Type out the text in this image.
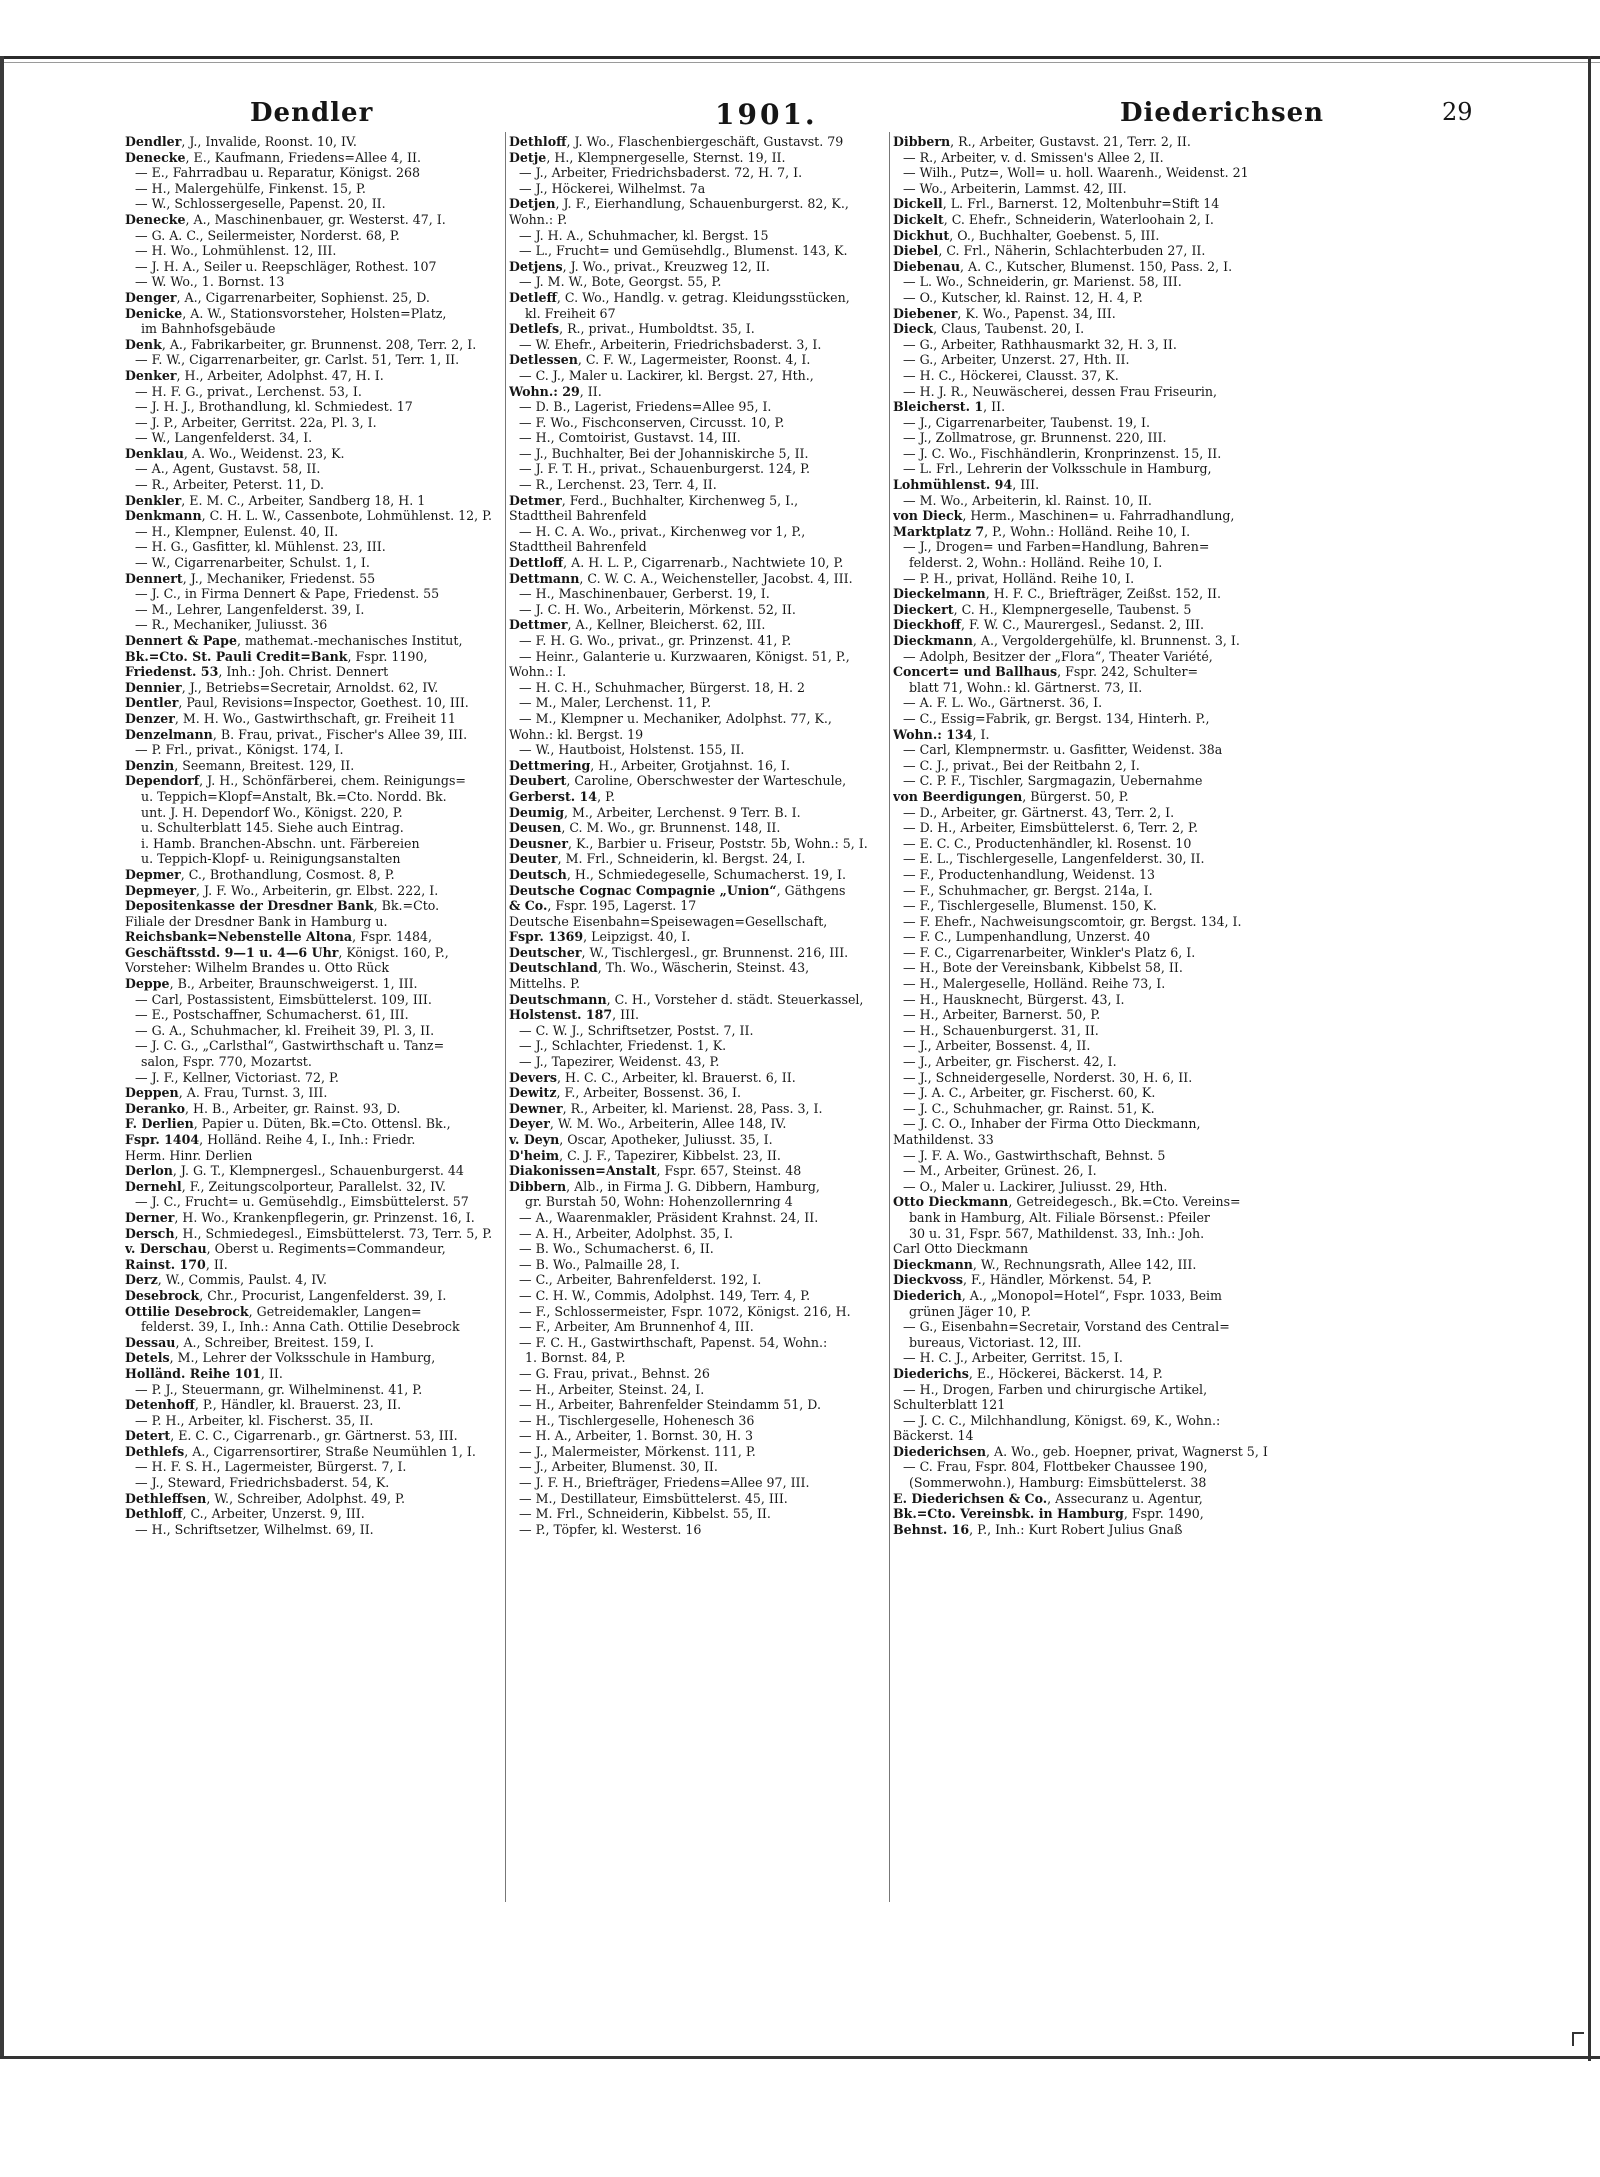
Dendler	1901.	Diederichsen	29

Dendler, J., Invalide, Roonst. 10, IV.

Denecke, E., Kaufmann, Friedens=Allee 4, II.

— E., Fahrradbau u. Reparatur, Königst. 268

— H., Malergehülfe, Finkenst. 15, P.

— W., Schlossergeselle, Papenst. 20, II.

Denecke, A., Maschinenbauer, gr. Westerst. 47, I.

— G. A. C., Seilermeister, Norderst. 68, P.

— H. Wo., Lohmühlenst. 12, III.

— J. H. A., Seiler u. Reepschläger, Rothest. 107

— W. Wo., 1. Bornst. 13

Denger, A., Cigarrenarbeiter, Sophienst. 25, D.

Denicke, A. W., Stationsvorsteher, Holsten=Platz,

im Bahnhofsgebäude

Denk, A., Fabrikarbeiter, gr. Brunnenst. 208, Terr. 2, I.

— F. W., Cigarrenarbeiter, gr. Carlst. 51, Terr. 1, II.

Denker, H., Arbeiter, Adolphst. 47, H. I.

— H. F. G., privat., Lerchenst. 53, I.

— J. H. J., Brothandlung, kl. Schmiedest. 17

— J. P., Arbeiter, Gerritst. 22a, Pl. 3, I.

— W., Langenfelderst. 34, I.

Denklau, A. Wo., Weidenst. 23, K.

— A., Agent, Gustavst. 58, II.

— R., Arbeiter, Peterst. 11, D.

Denkler, E. M. C., Arbeiter, Sandberg 18, H. 1

Denkmann, C. H. L. W., Cassenbote, Lohmühlenst. 12, P.

— H., Klempner, Eulenst. 40, II.

— H. G., Gasfitter, kl. Mühlenst. 23, III.

— W., Cigarrenarbeiter, Schulst. 1, I.

Dennert, J., Mechaniker, Friedenst. 55

— J. C., in Firma Dennert & Pape, Friedenst. 55

— M., Lehrer, Langenfelderst. 39, I.

— R., Mechaniker, Juliusst. 36

Dennert & Pape, mathemat.-mechanisches Institut,

Bk.=Cto. St. Pauli Credit=Bank, Fspr. 1190,

Friedenst. 53, Inh.: Joh. Christ. Dennert

Dennier, J., Betriebs=Secretair, Arnoldst. 62, IV.

Dentler, Paul, Revisions=Inspector, Goethest. 10, III.

Denzer, M. H. Wo., Gastwirthschaft, gr. Freiheit 11

Denzelmann, B. Frau, privat., Fischer's Allee 39, III.

— P. Frl., privat., Königst. 174, I.

Denzin, Seemann, Breitest. 129, II.

Dependorf, J. H., Schönfärberei, chem. Reinigungs=

u. Teppich=Klopf=Anstalt, Bk.=Cto. Nordd. Bk.

unt. J. H. Dependorf Wo., Königst. 220, P.

u. Schulterblatt 145. Siehe auch Eintrag.

i. Hamb. Branchen-Abschn. unt. Färbereien

u. Teppich-Klopf- u. Reinigungsanstalten

Depmer, C., Brothandlung, Cosmost. 8, P.

Depmeyer, J. F. Wo., Arbeiterin, gr. Elbst. 222, I.

Depositenkasse der Dresdner Bank, Bk.=Cto.

Filiale der Dresdner Bank in Hamburg u.

Reichsbank=Nebenstelle Altona, Fspr. 1484,

Geschäftsstd. 9—1 u. 4—6 Uhr, Königst. 160, P.,

Vorsteher: Wilhelm Brandes u. Otto Rück

Deppe, B., Arbeiter, Braunschweigerst. 1, III.

— Carl, Postassistent, Eimsbüttelerst. 109, III.

— E., Postschaffner, Schumacherst. 61, III.

— G. A., Schuhmacher, kl. Freiheit 39, Pl. 3, II.

— J. C. G., „Carlsthal“, Gastwirthschaft u. Tanz=

salon, Fspr. 770, Mozartst.

— J. F., Kellner, Victoriast. 72, P.

Deppen, A. Frau, Turnst. 3, III.

Deranko, H. B., Arbeiter, gr. Rainst. 93, D.

F. Derlien, Papier u. Düten, Bk.=Cto. Ottensl. Bk.,

Fspr. 1404, Holländ. Reihe 4, I., Inh.: Friedr.

Herm. Hinr. Derlien

Derlon, J. G. T., Klempnergesl., Schauenburgerst. 44

Dernehl, F., Zeitungscolporteur, Parallelst. 32, IV.

— J. C., Frucht= u. Gemüsehdlg., Eimsbüttelerst. 57

Derner, H. Wo., Krankenpflegerin, gr. Prinzenst. 16, I.

Dersch, H., Schmiedegesl., Eimsbüttelerst. 73, Terr. 5, P.

v. Derschau, Oberst u. Regiments=Commandeur,

Rainst. 170, II.

Derz, W., Commis, Paulst. 4, IV.

Desebrock, Chr., Procurist, Langenfelderst. 39, I.

Ottilie Desebrock, Getreidemakler, Langen=

felderst. 39, I., Inh.: Anna Cath. Ottilie Desebrock

Dessau, A., Schreiber, Breitest. 159, I.

Detels, M., Lehrer der Volksschule in Hamburg,

Holländ. Reihe 101, II.

— P. J., Steuermann, gr. Wilhelminenst. 41, P.

Detenhoff, P., Händler, kl. Brauerst. 23, II.

— P. H., Arbeiter, kl. Fischerst. 35, II.

Detert, E. C. C., Cigarrenarb., gr. Gärtnerst. 53, III.

Dethlefs, A., Cigarrensortirer, Straße Neumühlen 1, I.

— H. F. S. H., Lagermeister, Bürgerst. 7, I.

— J., Steward, Friedrichsbaderst. 54, K.

Dethleffsen, W., Schreiber, Adolphst. 49, P.

Dethloff, C., Arbeiter, Unzerst. 9, III.

— H., Schriftsetzer, Wilhelmst. 69, II.

Dethloff, J. Wo., Flaschenbiergeschäft, Gustavst. 79

Detje, H., Klempnergeselle, Sternst. 19, II.

— J., Arbeiter, Friedrichsbaderst. 72, H. 7, I.

— J., Höckerei, Wilhelmst. 7a

Detjen, J. F., Eierhandlung, Schauenburgerst. 82, K.,

Wohn.: P.

— J. H. A., Schuhmacher, kl. Bergst. 15

— L., Frucht= und Gemüsehdlg., Blumenst. 143, K.

Detjens, J. Wo., privat., Kreuzweg 12, II.

— J. M. W., Bote, Georgst. 55, P.

Detleff, C. Wo., Handlg. v. getrag. Kleidungsstücken,

kl. Freiheit 67

Detlefs, R., privat., Humboldtst. 35, I.

— W. Ehefr., Arbeiterin, Friedrichsbaderst. 3, I.

Detlessen, C. F. W., Lagermeister, Roonst. 4, I.

— C. J., Maler u. Lackirer, kl. Bergst. 27, Hth.,

Wohn.: 29, II.

— D. B., Lagerist, Friedens=Allee 95, I.

— F. Wo., Fischconserven, Circusst. 10, P.

— H., Comtoirist, Gustavst. 14, III.

— J., Buchhalter, Bei der Johanniskirche 5, II.

— J. F. T. H., privat., Schauenburgerst. 124, P.

— R., Lerchenst. 23, Terr. 4, II.

Detmer, Ferd., Buchhalter, Kirchenweg 5, I.,

Stadttheil Bahrenfeld

— H. C. A. Wo., privat., Kirchenweg vor 1, P.,

Stadttheil Bahrenfeld

Dettloff, A. H. L. P., Cigarrenarb., Nachtwiete 10, P.

Dettmann, C. W. C. A., Weichensteller, Jacobst. 4, III.

— H., Maschinenbauer, Gerberst. 19, I.

— J. C. H. Wo., Arbeiterin, Mörkenst. 52, II.

Dettmer, A., Kellner, Bleicherst. 62, III.

— F. H. G. Wo., privat., gr. Prinzenst. 41, P.

— Heinr., Galanterie u. Kurzwaaren, Königst. 51, P.,

Wohn.: I.

— H. C. H., Schuhmacher, Bürgerst. 18, H. 2

— M., Maler, Lerchenst. 11, P.

— M., Klempner u. Mechaniker, Adolphst. 77, K.,

Wohn.: kl. Bergst. 19

— W., Hautboist, Holstenst. 155, II.

Dettmering, H., Arbeiter, Grotjahnst. 16, I.

Deubert, Caroline, Oberschwester der Warteschule,

Gerberst. 14, P.

Deumig, M., Arbeiter, Lerchenst. 9 Terr. B. I.

Deusen, C. M. Wo., gr. Brunnenst. 148, II.

Deusner, K., Barbier u. Friseur, Poststr. 5b, Wohn.: 5, I.

Deuter, M. Frl., Schneiderin, kl. Bergst. 24, I.

Deutsch, H., Schmiedegeselle, Schumacherst. 19, I.

Deutsche Cognac Compagnie „Union“, Gäthgens

& Co., Fspr. 195, Lagerst. 17

Deutsche Eisenbahn=Speisewagen=Gesellschaft,

Fspr. 1369, Leipzigst. 40, I.

Deutscher, W., Tischlergesl., gr. Brunnenst. 216, III.

Deutschland, Th. Wo., Wäscherin, Steinst. 43,

Mittelhs. P.

Deutschmann, C. H., Vorsteher d. städt. Steuerkassel,

Holstenst. 187, III.

— C. W. J., Schriftsetzer, Postst. 7, II.

— J., Schlachter, Friedenst. 1, K.

— J., Tapezirer, Weidenst. 43, P.

Devers, H. C. C., Arbeiter, kl. Brauerst. 6, II.

Dewitz, F., Arbeiter, Bossenst. 36, I.

Dewner, R., Arbeiter, kl. Marienst. 28, Pass. 3, I.

Deyer, W. M. Wo., Arbeiterin, Allee 148, IV.

v. Deyn, Oscar, Apotheker, Juliusst. 35, I.

D'heim, C. J. F., Tapezirer, Kibbelst. 23, II.

Diakonissen=Anstalt, Fspr. 657, Steinst. 48

Dibbern, Alb., in Firma J. G. Dibbern, Hamburg,

gr. Burstah 50, Wohn: Hohenzollernring 4

— A., Waarenmakler, Präsident Krahnst. 24, II.

— A. H., Arbeiter, Adolphst. 35, I.

— B. Wo., Schumacherst. 6, II.

— B. Wo., Palmaille 28, I.

— C., Arbeiter, Bahrenfelderst. 192, I.

— C. H. W., Commis, Adolphst. 149, Terr. 4, P.

— F., Schlossermeister, Fspr. 1072, Königst. 216, H.

— F., Arbeiter, Am Brunnenhof 4, III.

— F. C. H., Gastwirthschaft, Papenst. 54, Wohn.:

1. Bornst. 84, P.

— G. Frau, privat., Behnst. 26

— H., Arbeiter, Steinst. 24, I.

— H., Arbeiter, Bahrenfelder Steindamm 51, D.

— H., Tischlergeselle, Hohenesch 36

— H. A., Arbeiter, 1. Bornst. 30, H. 3

— J., Malermeister, Mörkenst. 111, P.

— J., Arbeiter, Blumenst. 30, II.

— J. F. H., Briefträger, Friedens=Allee 97, III.

— M., Destillateur, Eimsbüttelerst. 45, III.

— M. Frl., Schneiderin, Kibbelst. 55, II.

— P., Töpfer, kl. Westerst. 16

Dibbern, R., Arbeiter, Gustavst. 21, Terr. 2, II.

— R., Arbeiter, v. d. Smissen's Allee 2, II.

— Wilh., Putz=, Woll= u. holl. Waarenh., Weidenst. 21

— Wo., Arbeiterin, Lammst. 42, III.

Dickell, L. Frl., Barnerst. 12, Moltenbuhr=Stift 14

Dickelt, C. Ehefr., Schneiderin, Waterloohain 2, I.

Dickhut, O., Buchhalter, Goebenst. 5, III.

Diebel, C. Frl., Näherin, Schlachterbuden 27, II.

Diebenau, A. C., Kutscher, Blumenst. 150, Pass. 2, I.

— L. Wo., Schneiderin, gr. Marienst. 58, III.

— O., Kutscher, kl. Rainst. 12, H. 4, P.

Diebener, K. Wo., Papenst. 34, III.

Dieck, Claus, Taubenst. 20, I.

— G., Arbeiter, Rathhausmarkt 32, H. 3, II.

— G., Arbeiter, Unzerst. 27, Hth. II.

— H. C., Höckerei, Clausst. 37, K.

— H. J. R., Neuwäscherei, dessen Frau Friseurin,

Bleicherst. 1, II.

— J., Cigarrenarbeiter, Taubenst. 19, I.

— J., Zollmatrose, gr. Brunnenst. 220, III.

— J. C. Wo., Fischhändlerin, Kronprinzenst. 15, II.

— L. Frl., Lehrerin der Volksschule in Hamburg,

Lohmühlenst. 94, III.

— M. Wo., Arbeiterin, kl. Rainst. 10, II.

von Dieck, Herm., Maschinen= u. Fahrradhandlung,

Marktplatz 7, P., Wohn.: Holländ. Reihe 10, I.

— J., Drogen= und Farben=Handlung, Bahren=

felderst. 2, Wohn.: Holländ. Reihe 10, I.

— P. H., privat, Holländ. Reihe 10, I.

Dieckelmann, H. F. C., Briefträger, Zeißst. 152, II.

Dieckert, C. H., Klempnergeselle, Taubenst. 5

Dieckhoff, F. W. C., Maurergesl., Sedanst. 2, III.

Dieckmann, A., Vergoldergehülfe, kl. Brunnenst. 3, I.

— Adolph, Besitzer der „Flora“, Theater Variété,

Concert= und Ballhaus, Fspr. 242, Schulter=

blatt 71, Wohn.: kl. Gärtnerst. 73, II.

— A. F. L. Wo., Gärtnerst. 36, I.

— C., Essig=Fabrik, gr. Bergst. 134, Hinterh. P.,

Wohn.: 134, I.

— Carl, Klempnermstr. u. Gasfitter, Weidenst. 38a

— C. J., privat., Bei der Reitbahn 2, I.

— C. P. F., Tischler, Sargmagazin, Uebernahme

von Beerdigungen, Bürgerst. 50, P.

— D., Arbeiter, gr. Gärtnerst. 43, Terr. 2, I.

— D. H., Arbeiter, Eimsbüttelerst. 6, Terr. 2, P.

— E. C. C., Productenhändler, kl. Rosenst. 10

— E. L., Tischlergeselle, Langenfelderst. 30, II.

— F., Productenhandlung, Weidenst. 13

— F., Schuhmacher, gr. Bergst. 214a, I.

— F., Tischlergeselle, Blumenst. 150, K.

— F. Ehefr., Nachweisungscomtoir, gr. Bergst. 134, I.

— F. C., Lumpenhandlung, Unzerst. 40

— F. C., Cigarrenarbeiter, Winkler's Platz 6, I.

— H., Bote der Vereinsbank, Kibbelst 58, II.

— H., Malergeselle, Holländ. Reihe 73, I.

— H., Hausknecht, Bürgerst. 43, I.

— H., Arbeiter, Barnerst. 50, P.

— H., Schauenburgerst. 31, II.

— J., Arbeiter, Bossenst. 4, II.

— J., Arbeiter, gr. Fischerst. 42, I.

— J., Schneidergeselle, Norderst. 30, H. 6, II.

— J. A. C., Arbeiter, gr. Fischerst. 60, K.

— J. C., Schuhmacher, gr. Rainst. 51, K.

— J. C. O., Inhaber der Firma Otto Dieckmann,

Mathildenst. 33

— J. F. A. Wo., Gastwirthschaft, Behnst. 5

— M., Arbeiter, Grünest. 26, I.

— O., Maler u. Lackirer, Juliusst. 29, Hth.

Otto Dieckmann, Getreidegesch., Bk.=Cto. Vereins=

bank in Hamburg, Alt. Filiale Börsenst.: Pfeiler

30 u. 31, Fspr. 567, Mathildenst. 33, Inh.: Joh.

Carl Otto Dieckmann

Dieckmann, W., Rechnungsrath, Allee 142, III.

Dieckvoss, F., Händler, Mörkenst. 54, P.

Diederich, A., „Monopol=Hotel“, Fspr. 1033, Beim

grünen Jäger 10, P.

— G., Eisenbahn=Secretair, Vorstand des Central=

bureaus, Victoriast. 12, III.

— H. C. J., Arbeiter, Gerritst. 15, I.

Diederichs, E., Höckerei, Bäckerst. 14, P.

— H., Drogen, Farben und chirurgische Artikel,

Schulterblatt 121

— J. C. C., Milchhandlung, Königst. 69, K., Wohn.:

Bäckerst. 14

Diederichsen, A. Wo., geb. Hoepner, privat, Wagnerst 5, I

— C. Frau, Fspr. 804, Flottbeker Chaussee 190,

(Sommerwohn.), Hamburg: Eimsbüttelerst. 38

E. Diederichsen & Co., Assecuranz u. Agentur,

Bk.=Cto. Vereinsbk. in Hamburg, Fspr. 1490,

Behnst. 16, P., Inh.: Kurt Robert Julius Gnaß
